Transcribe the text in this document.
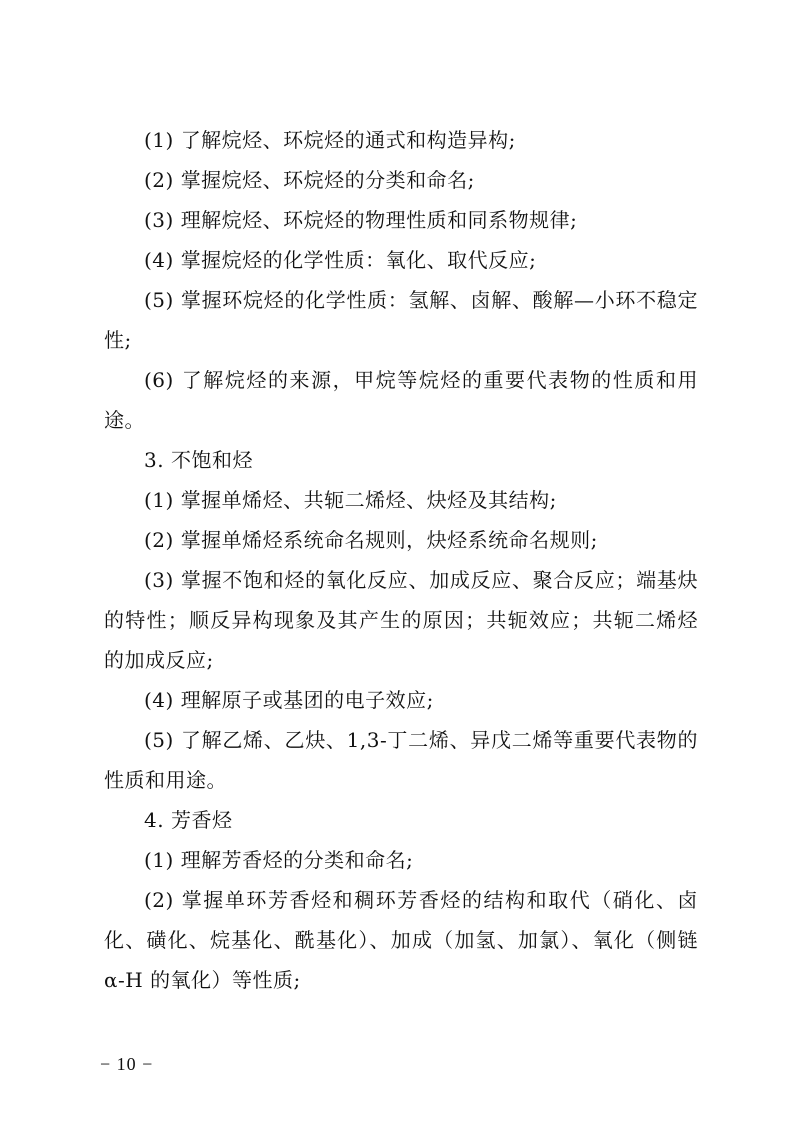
(1) 了解烷烃、环烷烃的通式和构造异构;

(2) 掌握烷烃、环烷烃的分类和命名;

(3) 理解烷烃、环烷烃的物理性质和同系物规律;

(4) 掌握烷烃的化学性质：氧化、取代反应;

(5) 掌握环烷烃的化学性质：氢解、卤解、酸解—小环不稳定性;

(6) 了解烷烃的来源，甲烷等烷烃的重要代表物的性质和用途。

3. 不饱和烃

(1) 掌握单烯烃、共轭二烯烃、炔烃及其结构;

(2) 掌握单烯烃系统命名规则，炔烃系统命名规则;

(3) 掌握不饱和烃的氧化反应、加成反应、聚合反应；端基炔的特性；顺反异构现象及其产生的原因；共轭效应；共轭二烯烃的加成反应;

(4) 理解原子或基团的电子效应;

(5) 了解乙烯、乙炔、1,3-丁二烯、异戊二烯等重要代表物的性质和用途。

4. 芳香烃

(1) 理解芳香烃的分类和命名;

(2) 掌握单环芳香烃和稠环芳香烃的结构和取代（硝化、卤化、磺化、烷基化、酰基化）、加成（加氢、加氯）、氧化（侧链α-H 的氧化）等性质;

− 10 −
